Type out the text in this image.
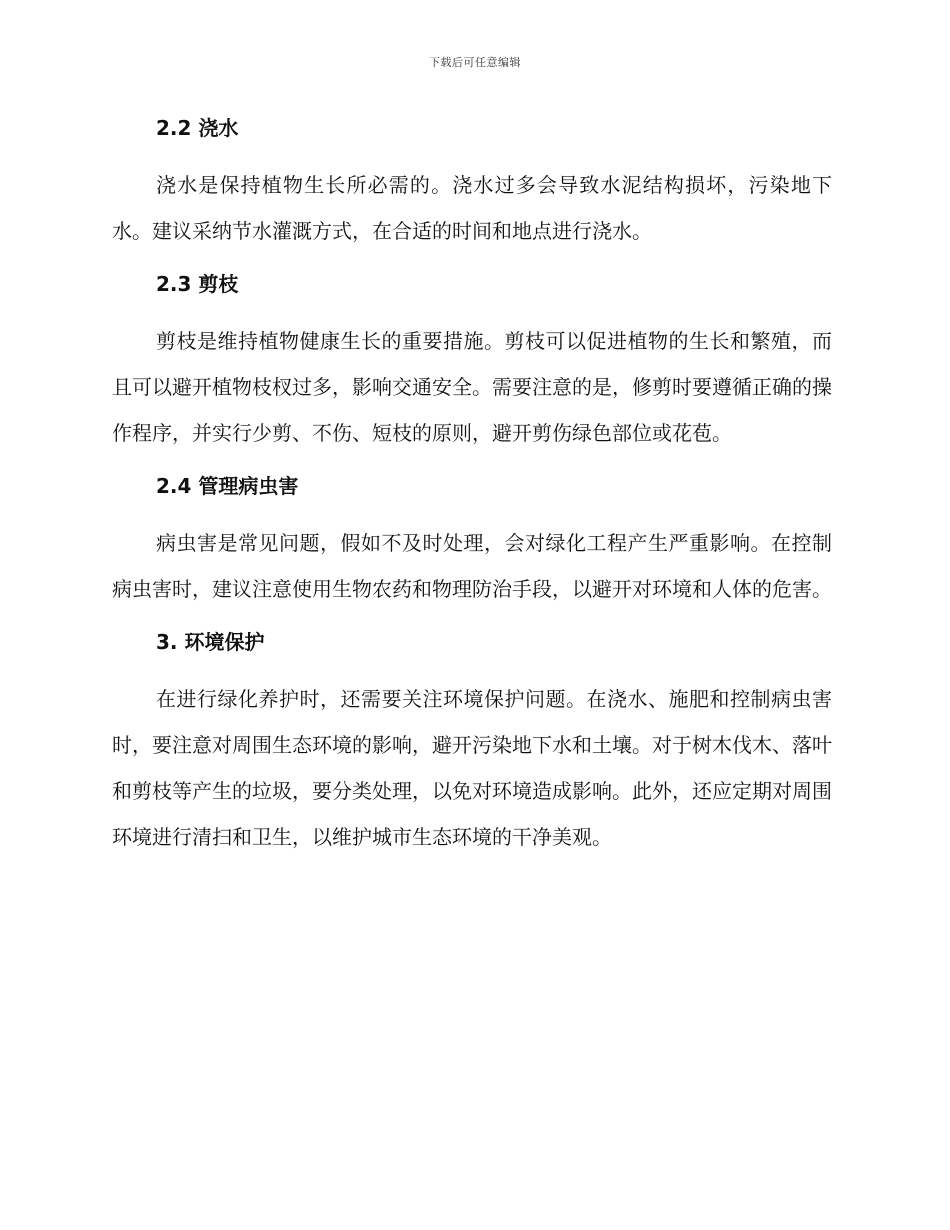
下载后可任意编辑
2.2 浇水

浇水是保持植物生长所必需的。浇水过多会导致水泥结构损坏，污染地下水。建议采纳节水灌溉方式，在合适的时间和地点进行浇水。

2.3 剪枝

剪枝是维持植物健康生长的重要措施。剪枝可以促进植物的生长和繁殖，而且可以避开植物枝杈过多，影响交通安全。需要注意的是，修剪时要遵循正确的操作程序，并实行少剪、不伤、短枝的原则，避开剪伤绿色部位或花苞。

2.4 管理病虫害

病虫害是常见问题，假如不及时处理，会对绿化工程产生严重影响。在控制病虫害时，建议注意使用生物农药和物理防治手段，以避开对环境和人体的危害。

3. 环境保护

在进行绿化养护时，还需要关注环境保护问题。在浇水、施肥和控制病虫害时，要注意对周围生态环境的影响，避开污染地下水和土壤。对于树木伐木、落叶和剪枝等产生的垃圾，要分类处理，以免对环境造成影响。此外，还应定期对周围环境进行清扫和卫生，以维护城市生态环境的干净美观。
